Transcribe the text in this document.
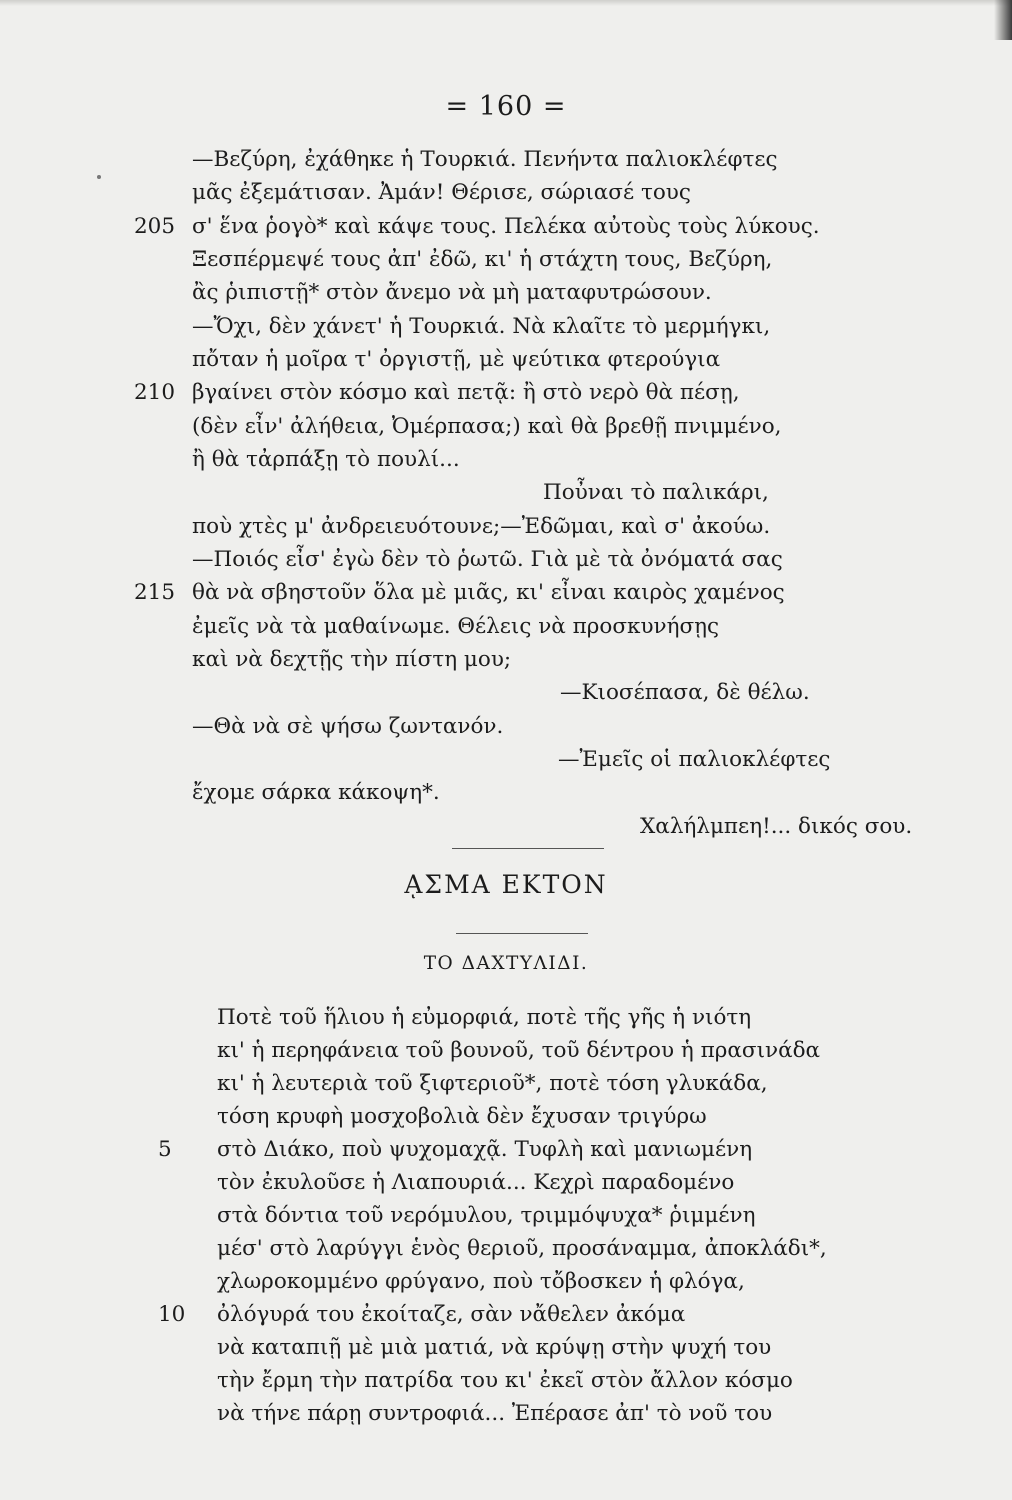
= 160 =
—Βεζύρη, ἐχάθηκε ἡ Τουρκιά. Πενήντα παλιοκλέφτες
μᾶς ἐξεμάτισαν. Ἀμάν! Θέρισε, σώριασέ τους
205 σ' ἕνα ῥογὸ* καὶ κάψε τους. Πελέκα αὐτοὺς τοὺς λύκους.
Ξεσπέρμεψέ τους ἀπ' ἐδῶ, κι' ἡ στάχτη τους, Βεζύρη,
ἂς ῥιπιστῇ* στὸν ἄνεμο νὰ μὴ ματαφυτρώσουν.
—Ὄχι, δὲν χάνετ' ἡ Τουρκιά. Νὰ κλαῖτε τὸ μερμήγκι,
πὄταν ἡ μοῖρα τ' ὀργιστῇ, μὲ ψεύτικα φτερούγια
210 βγαίνει στὸν κόσμο καὶ πετᾷ: ἢ στὸ νερὸ θὰ πέσῃ,
(δὲν εἶν' ἀλήθεια, Ὀμέρπασα;) καὶ θὰ βρεθῇ πνιμμένο,
ἢ θὰ τἀρπάξῃ τὸ πουλί...
Ποὖναι τὸ παλικάρι,
ποὺ χτὲς μ' ἀνδρειευότουνε;—Ἐδῶμαι, καὶ σ' ἀκούω.
—Ποιός εἶσ' ἐγὼ δὲν τὸ ῥωτῶ. Γιὰ μὲ τὰ ὀνόματά σας
215 θὰ νὰ σβηστοῦν ὅλα μὲ μιᾶς, κι' εἶναι καιρὸς χαμένος
ἐμεῖς νὰ τὰ μαθαίνωμε. Θέλεις νὰ προσκυνήσῃς
καὶ νὰ δεχτῇς τὴν πίστη μου;
—Κιοσέπασα, δὲ θέλω.
—Θὰ νὰ σὲ ψήσω ζωντανόν.
—Ἐμεῖς οἱ παλιοκλέφτες
ἔχομε σάρκα κάκοψη*.
Χαλήλμπεη!... δικός σου.
ᾼΣΜΑ ΕΚΤΟΝ
ΤΟ ΔΑΧΤΥΛΙΔΙ.
Ποτὲ τοῦ ἥλιου ἡ εὐμορφιά, ποτὲ τῆς γῆς ἡ νιότη
κι' ἡ περηφάνεια τοῦ βουνοῦ, τοῦ δέντρου ἡ πρασινάδα
κι' ἡ λευτεριὰ τοῦ ξιφτεριοῦ*, ποτὲ τόση γλυκάδα,
τόση κρυφὴ μοσχοβολιὰ δὲν ἔχυσαν τριγύρω
5	στὸ Διάκο, ποὺ ψυχομαχᾷ. Τυφλὴ καὶ μανιωμένη
τὸν ἐκυλοῦσε ἡ Λιαπουριά... Κεχρὶ παραδομένο
στὰ δόντια τοῦ νερόμυλου, τριμμόψυχα* ῥιμμένη
μέσ' στὸ λαρύγγι ἑνὸς θεριοῦ, προσάναμμα, ἀποκλάδι*,
χλωροκομμένο φρύγανο, ποὺ τὄβοσκεν ἡ φλόγα,
10	ὀλόγυρά του ἐκοίταζε, σὰν νἄθελεν ἀκόμα
νὰ καταπιῇ μὲ μιὰ ματιά, νὰ κρύψῃ στὴν ψυχή του
τὴν ἔρμη τὴν πατρίδα του κι' ἐκεῖ στὸν ἄλλον κόσμο
νὰ τήνε πάρῃ συντροφιά... Ἐπέρασε ἀπ' τὸ νοῦ του
